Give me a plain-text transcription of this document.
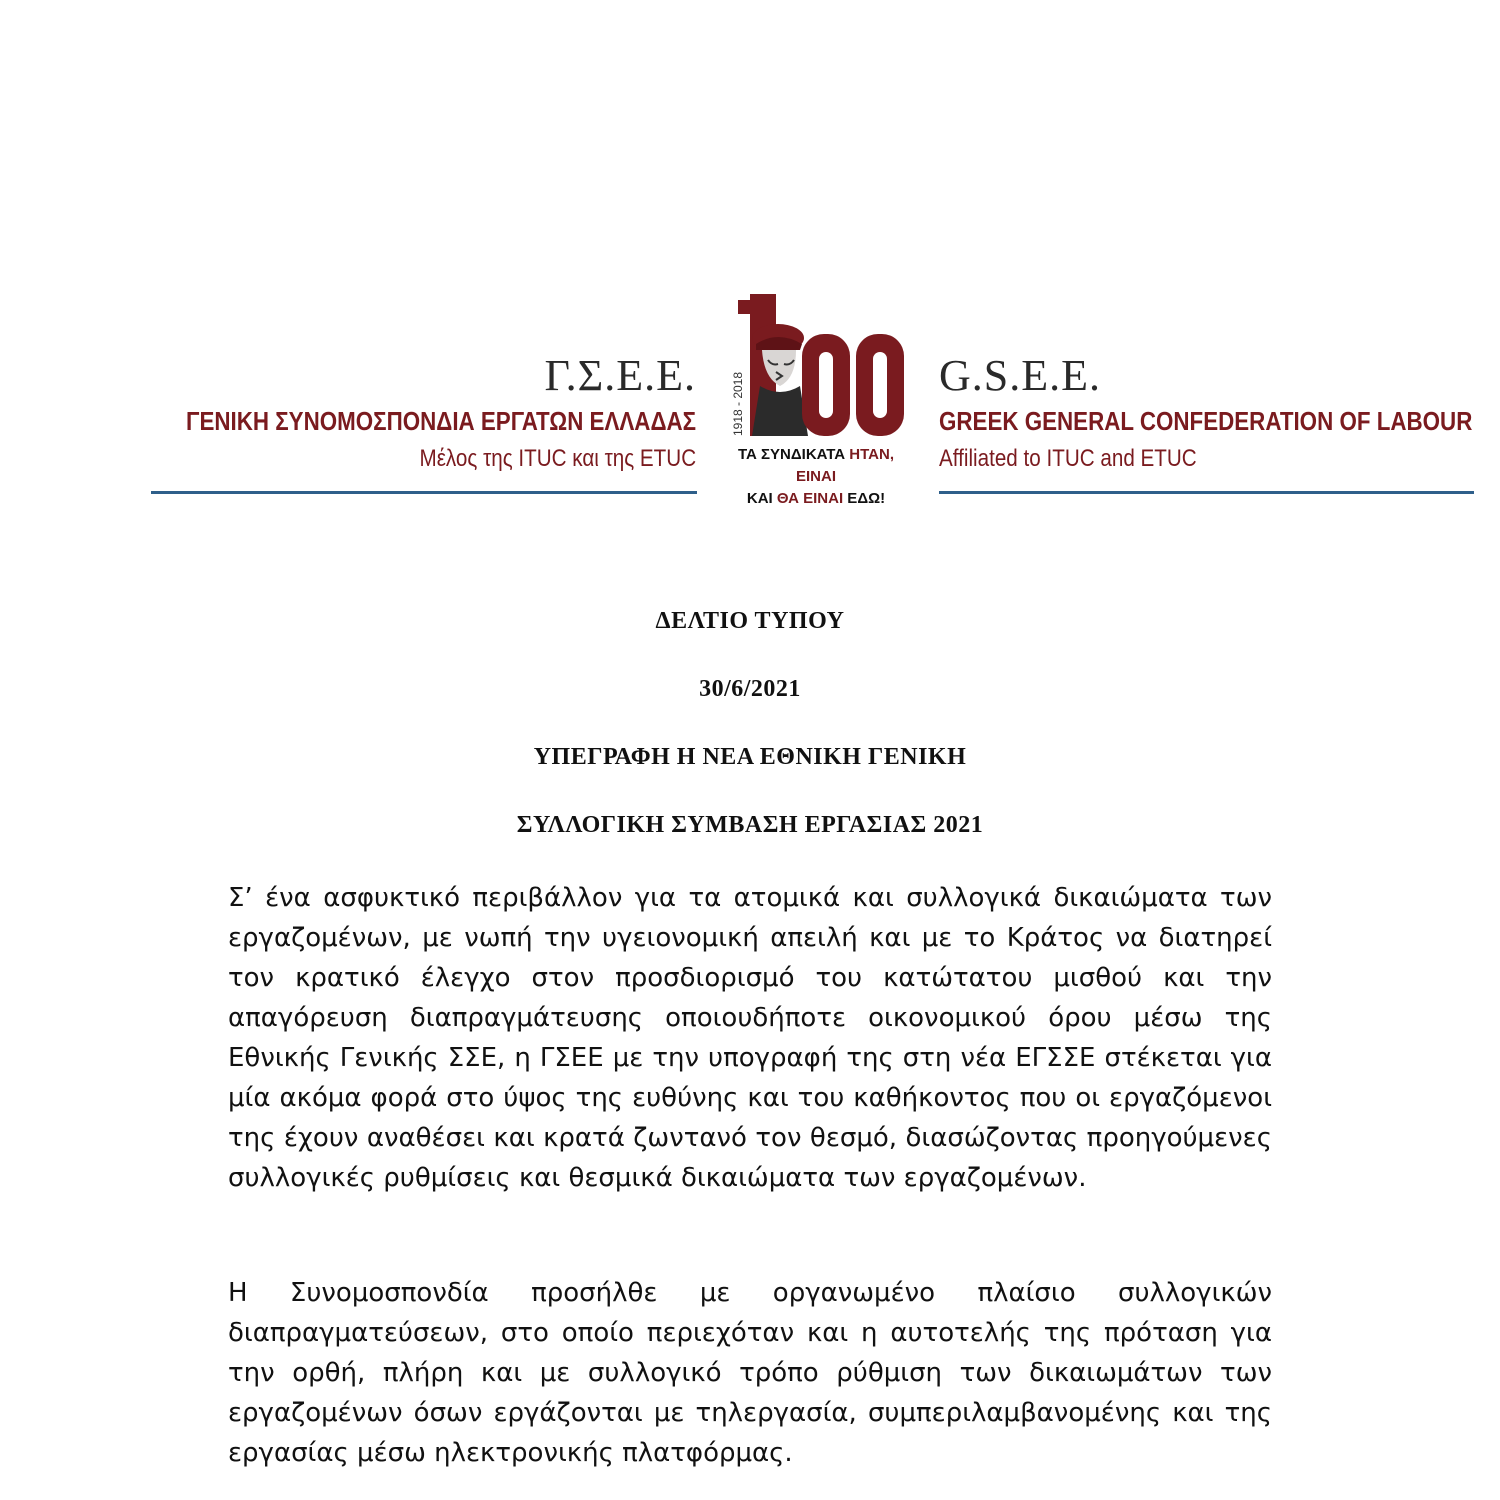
Γ.Σ.Ε.Ε.
ΓΕΝΙΚΗ ΣΥΝΟΜΟΣΠΟΝΔΙΑ ΕΡΓΑΤΩΝ ΕΛΛΑΔΑΣ
Μέλος της ITUC και της ETUC
1918 - 2018
ΤΑ ΣΥΝΔΙΚΑΤΑ ΗΤΑΝ, ΕΙΝΑΙ
ΚΑΙ ΘΑ ΕΙΝΑΙ ΕΔΩ!
G.S.E.E.
GREEK GENERAL CONFEDERATION OF LABOUR
Affiliated to ITUC and ETUC
ΔΕΛΤΙΟ ΤΥΠΟΥ
30/6/2021
ΥΠΕΓΡΑΦΗ Η ΝΕΑ ΕΘΝΙΚΗ ΓΕΝΙΚΗ
ΣΥΛΛΟΓΙΚΗ ΣΥΜΒΑΣΗ ΕΡΓΑΣΙΑΣ 2021

Σ’ ένα ασφυκτικό περιβάλλον για τα ατομικά και συλλογικά δικαιώματα των εργαζομένων, με νωπή την υγειονομική απειλή και με το Κράτος να διατηρεί τον κρατικό έλεγχο στον προσδιορισμό του κατώτατου μισθού και την απαγόρευση διαπραγμάτευσης οποιουδήποτε οικονομικού όρου μέσω της Εθνικής Γενικής ΣΣΕ, η ΓΣΕΕ με την υπογραφή της στη νέα ΕΓΣΣΕ στέκεται για μία ακόμα φορά στο ύψος της ευθύνης και του καθήκοντος που οι εργαζόμενοι της έχουν αναθέσει και κρατά ζωντανό τον θεσμό, διασώζοντας προηγούμενες συλλογικές ρυθμίσεις και θεσμικά δικαιώματα των εργαζομένων.

Η Συνομοσπονδία προσήλθε με οργανωμένο πλαίσιο συλλογικών διαπραγματεύσεων, στο οποίο περιεχόταν και η αυτοτελής της πρόταση για την ορθή, πλήρη και με συλλογικό τρόπο ρύθμιση των δικαιωμάτων των εργαζομένων όσων εργάζονται με τηλεργασία, συμπεριλαμβανομένης και της εργασίας μέσω ηλεκτρονικής πλατφόρμας.
